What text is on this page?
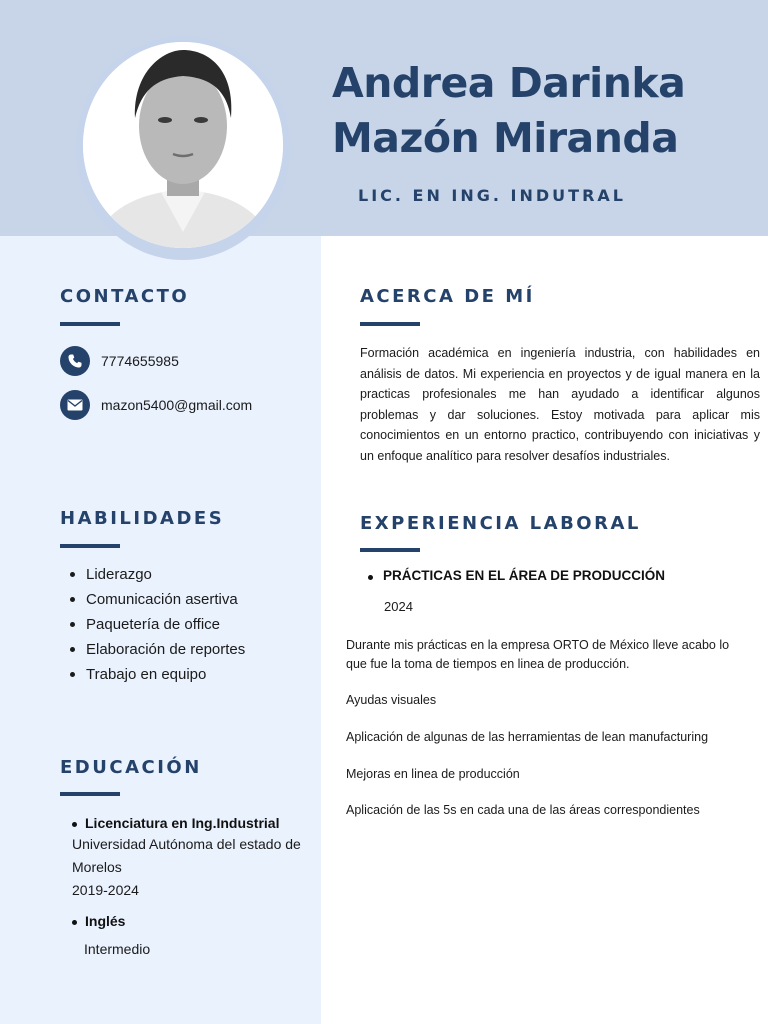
Andrea Darinka
Mazón Miranda
LIC. EN ING. INDUTRAL
CONTACTO
7774655985
mazon5400@gmail.com
HABILIDADES
Liderazgo
Comunicación asertiva
Paquetería de office
Elaboración de reportes
Trabajo en equipo
EDUCACIÓN
Licenciatura en Ing.Industrial
Universidad Autónoma del estado de
Morelos
2019-2024
Inglés
Intermedio
ACERCA DE MÍ
Formación académica en ingeniería industria, con habilidades en análisis de datos. Mi experiencia en proyectos y de igual manera en la practicas profesionales me han ayudado a identificar algunos problemas y dar soluciones. Estoy motivada para aplicar mis conocimientos en un entorno practico, contribuyendo con iniciativas y un enfoque analítico para resolver desafíos industriales.
EXPERIENCIA LABORAL
PRÁCTICAS EN EL ÁREA DE PRODUCCIÓN
2024
Durante mis prácticas en la empresa ORTO de México lleve acabo lo que fue la toma de tiempos en linea de producción.
Ayudas visuales
Aplicación de algunas de las herramientas de lean manufacturing
Mejoras en linea de producción
Aplicación de las 5s en cada una de las áreas correspondientes
